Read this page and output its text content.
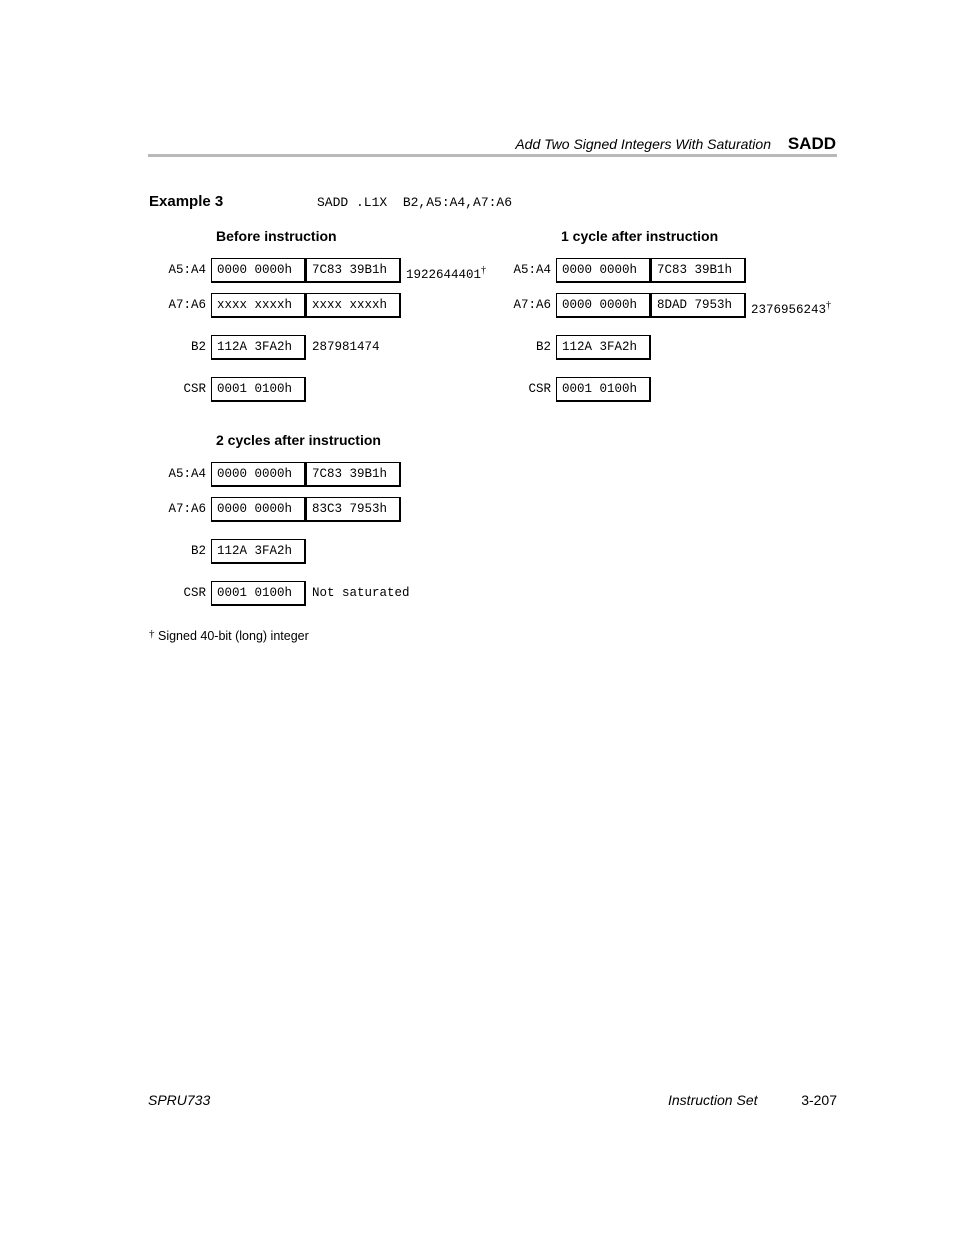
Add Two Signed Integers With Saturation SADD
Example 3	SADD .L1X  B2,A5:A4,A7:A6
Before instruction
A5:A4 0000 0000h	7C83 39B1h	1922644401†
A7:A6 xxxx xxxxh	xxxx xxxxh
B2 112A 3FA2h	287981474
CSR 0001 0100h
1 cycle after instruction
A5:A4 0000 0000h	7C83 39B1h
A7:A6 0000 0000h	8DAD 7953h	2376956243†
B2 112A 3FA2h
CSR 0001 0100h
2 cycles after instruction
A5:A4 0000 0000h	7C83 39B1h
A7:A6 0000 0000h	83C3 7953h
B2 112A 3FA2h
CSR 0001 0100h	Not saturated
† Signed 40-bit (long) integer
SPRU733	Instruction Set	3-207
